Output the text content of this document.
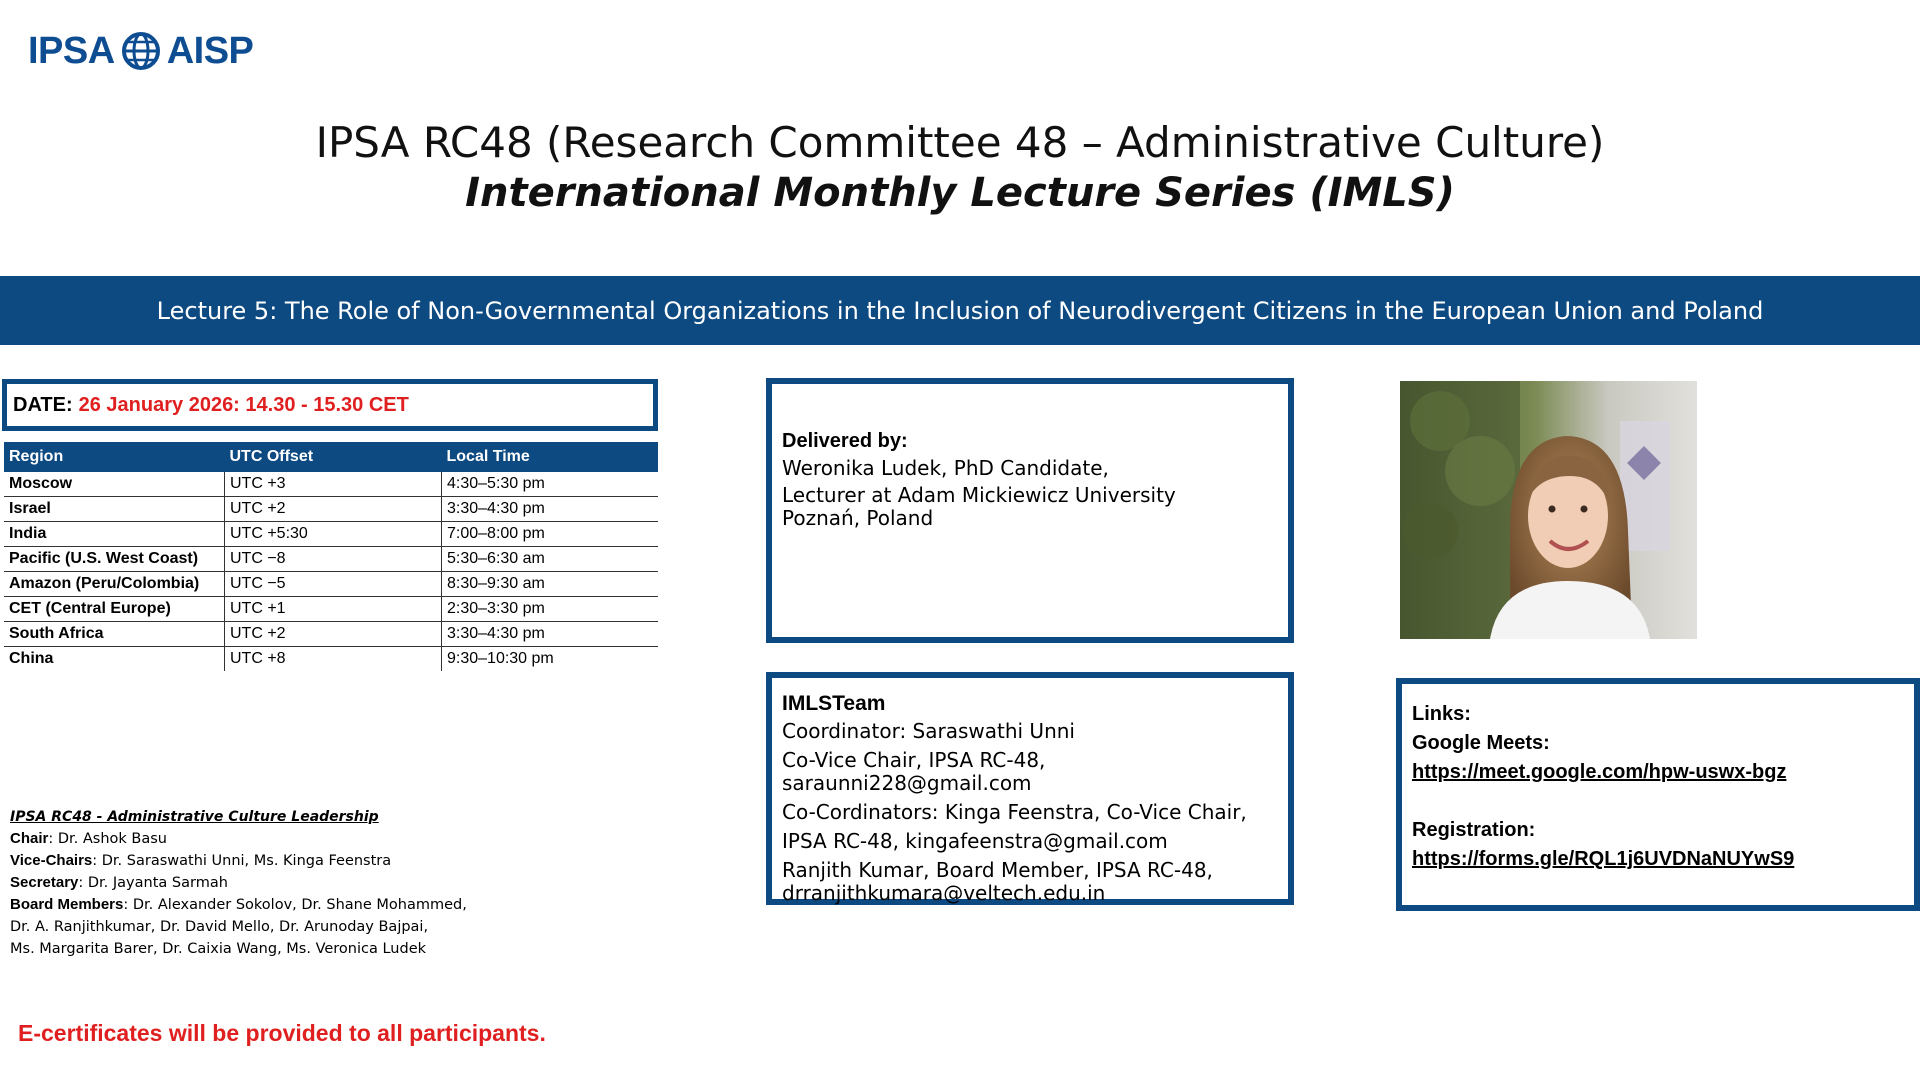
IPSA AISP
IPSA RC48 (Research Committee 48 – Administrative Culture)
International Monthly Lecture Series (IMLS)
Lecture 5: The Role of Non-Governmental Organizations in the Inclusion of Neurodivergent Citizens in the European Union and Poland
DATE: 26 January 2026: 14.30 - 15.30 CET
Region	UTC Offset	Local Time
Moscow	UTC +3	4:30–5:30 pm
Israel	UTC +2	3:30–4:30 pm
India	UTC +5:30	7:00–8:00 pm
Pacific (U.S. West Coast)	UTC −8	5:30–6:30 am
Amazon (Peru/Colombia)	UTC −5	8:30–9:30 am
CET (Central Europe)	UTC +1	2:30–3:30 pm
South Africa	UTC +2	3:30–4:30 pm
China	UTC +8	9:30–10:30 pm
IPSA RC48 - Administrative Culture Leadership
Chair: Dr. Ashok Basu
Vice-Chairs: Dr. Saraswathi Unni, Ms. Kinga Feenstra
Secretary: Dr. Jayanta Sarmah
Board Members: Dr. Alexander Sokolov, Dr. Shane Mohammed,
Dr. A. Ranjithkumar, Dr. David Mello, Dr. Arunoday Bajpai,
Ms. Margarita Barer, Dr. Caixia Wang, Ms. Veronica Ludek
E-certificates will be provided to all participants.
Delivered by:
Weronika Ludek, PhD Candidate,
Lecturer at Adam Mickiewicz University
Poznań, Poland
IMLSTeam
Coordinator: Saraswathi Unni
Co-Vice Chair, IPSA RC-48, saraunni228@gmail.com
Co-Cordinators: Kinga Feenstra, Co-Vice Chair,
IPSA RC-48, kingafeenstra@gmail.com
Ranjith Kumar, Board Member, IPSA RC-48,
drranjithkumara@veltech.edu.in
Links:
Google Meets:
https://meet.google.com/hpw-uswx-bgz
Registration:
https://forms.gle/RQL1j6UVDNaNUYwS9
